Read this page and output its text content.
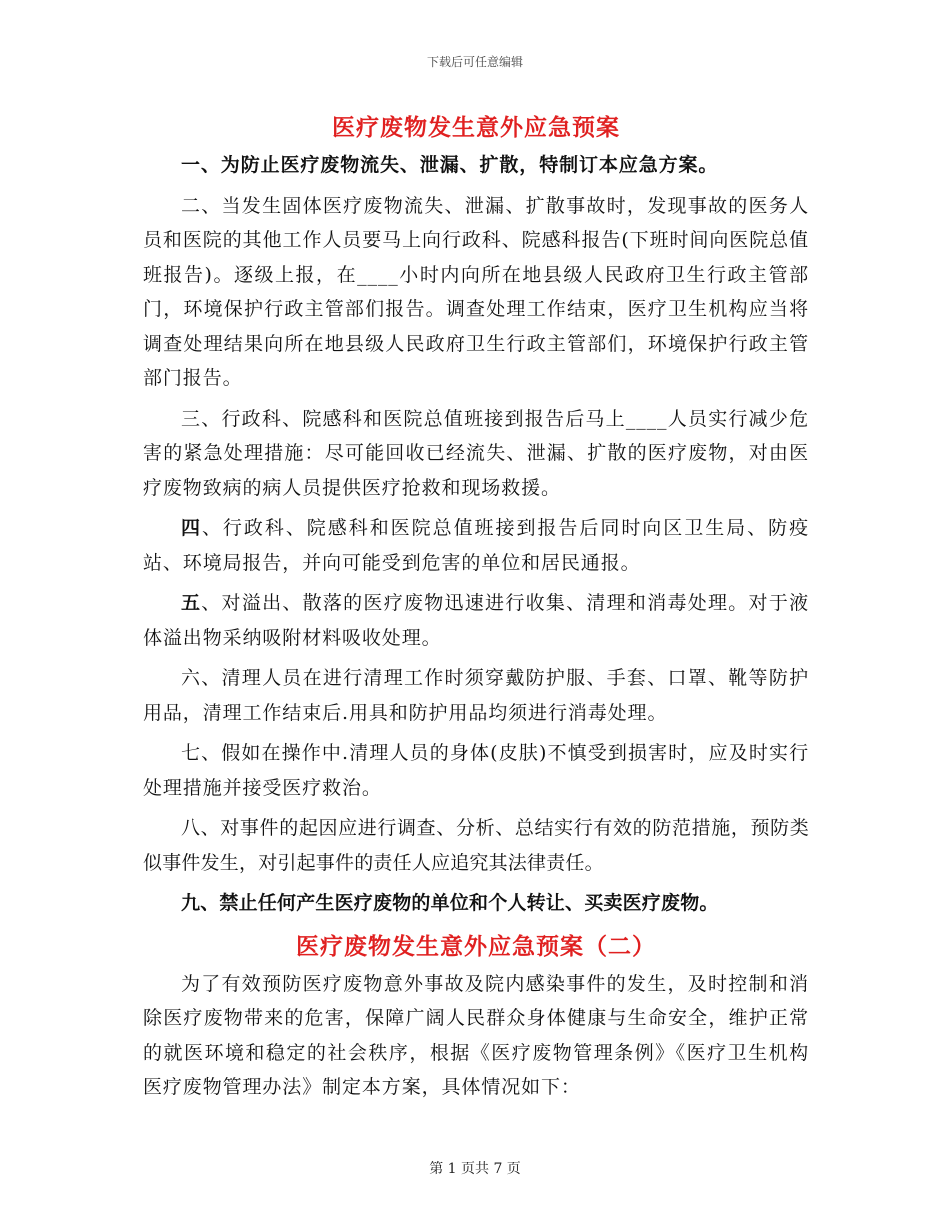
下载后可任意编辑
医疗废物发生意外应急预案

一、为防止医疗废物流失、泄漏、扩散，特制订本应急方案。

二、当发生固体医疗废物流失、泄漏、扩散事故时，发现事故的医务人员和医院的其他工作人员要马上向行政科、院感科报告(下班时间向医院总值班报告)。逐级上报，在____小时内向所在地县级人民政府卫生行政主管部门，环境保护行政主管部们报告。调查处理工作结束，医疗卫生机构应当将调查处理结果向所在地县级人民政府卫生行政主管部们，环境保护行政主管部门报告。

三、行政科、院感科和医院总值班接到报告后马上____人员实行减少危害的紧急处理措施：尽可能回收已经流失、泄漏、扩散的医疗废物，对由医疗废物致病的病人员提供医疗抢救和现场救援。

四、行政科、院感科和医院总值班接到报告后同时向区卫生局、防疫站、环境局报告，并向可能受到危害的单位和居民通报。

五、对溢出、散落的医疗废物迅速进行收集、清理和消毒处理。对于液体溢出物采纳吸附材料吸收处理。

六、清理人员在进行清理工作时须穿戴防护服、手套、口罩、靴等防护用品，清理工作结束后.用具和防护用品均须进行消毒处理。

七、假如在操作中.清理人员的身体(皮肤)不慎受到损害时，应及时实行处理措施并接受医疗救治。

八、对事件的起因应进行调查、分析、总结实行有效的防范措施，预防类似事件发生，对引起事件的责任人应追究其法律责任。

九、禁止任何产生医疗废物的单位和个人转让、买卖医疗废物。

医疗废物发生意外应急预案（二）

为了有效预防医疗废物意外事故及院内感染事件的发生，及时控制和消除医疗废物带来的危害，保障广阔人民群众身体健康与生命安全，维护正常的就医环境和稳定的社会秩序，根据《医疗废物管理条例》《医疗卫生机构医疗废物管理办法》制定本方案，具体情况如下：

第 1 页共 7 页
